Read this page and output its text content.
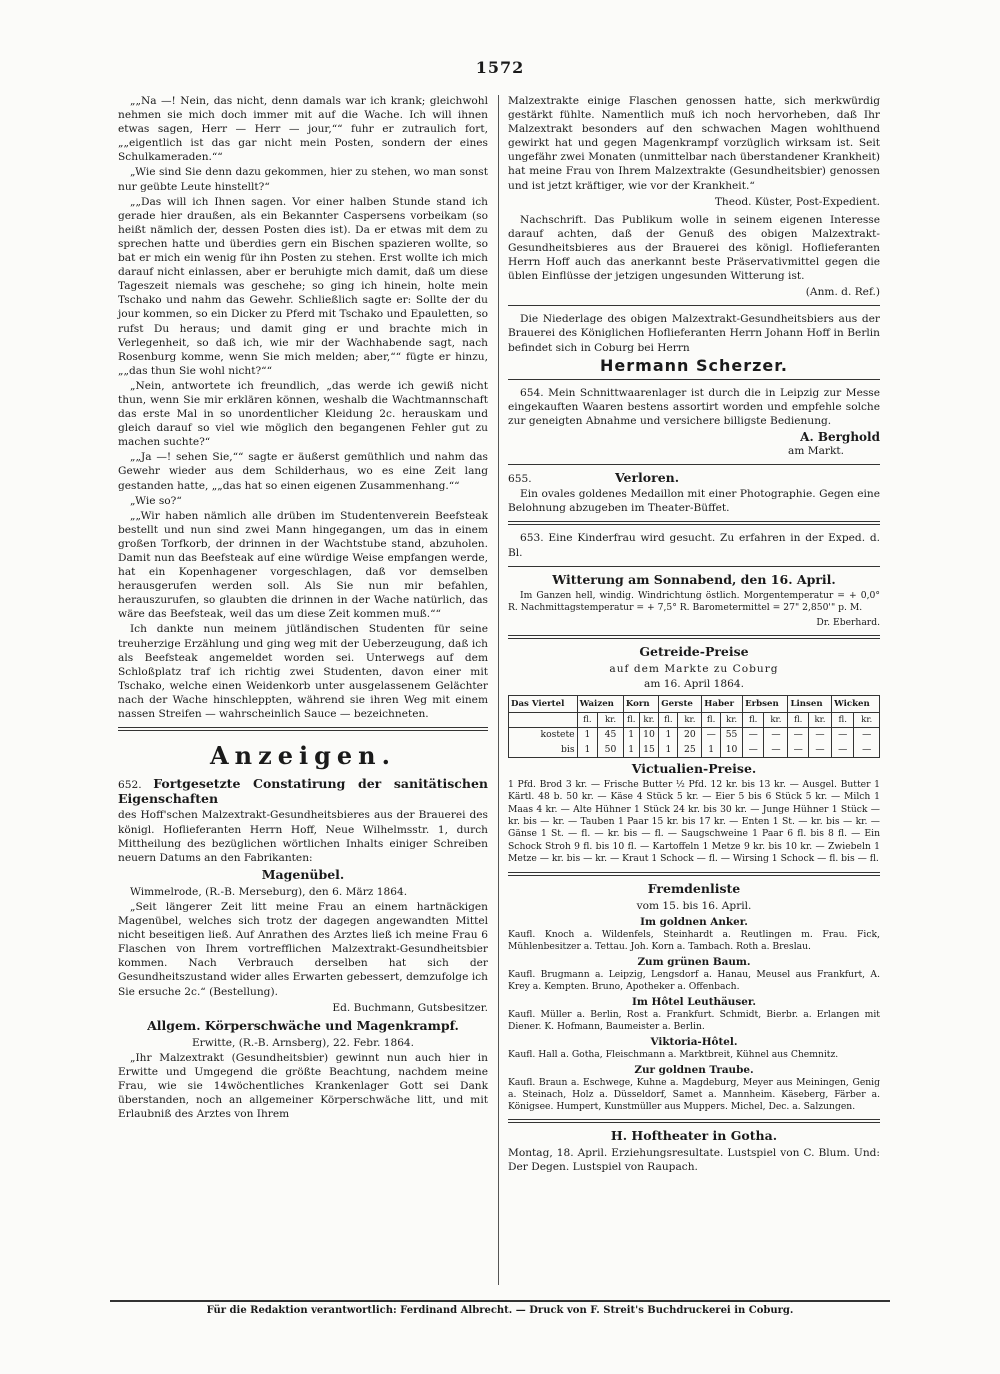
1572

„„Na —! Nein, das nicht, denn damals war ich krank; gleichwohl nehmen sie mich doch immer mit auf die Wache. Ich will ihnen etwas sagen, Herr — Herr — jour,““ fuhr er zutraulich fort, „„eigentlich ist das gar nicht mein Posten, sondern der eines Schulkameraden.““

„Wie sind Sie denn dazu gekommen, hier zu stehen, wo man sonst nur geübte Leute hinstellt?“

„„Das will ich Ihnen sagen. Vor einer halben Stunde stand ich gerade hier draußen, als ein Bekannter Caspersens vorbeikam (so heißt nämlich der, dessen Posten dies ist). Da er etwas mit dem zu sprechen hatte und überdies gern ein Bischen spazieren wollte, so bat er mich ein wenig für ihn Posten zu stehen. Erst wollte ich mich darauf nicht einlassen, aber er beruhigte mich damit, daß um diese Tageszeit niemals was geschehe; so ging ich hinein, holte mein Tschako und nahm das Gewehr. Schließlich sagte er: Sollte der du jour kommen, so ein Dicker zu Pferd mit Tschako und Epauletten, so rufst Du heraus; und damit ging er und brachte mich in Verlegenheit, so daß ich, wie mir der Wachhabende sagt, nach Rosenburg komme, wenn Sie mich melden; aber,““ fügte er hinzu, „„das thun Sie wohl nicht?““

„Nein, antwortete ich freundlich, „das werde ich gewiß nicht thun, wenn Sie mir erklären können, weshalb die Wachtmannschaft das erste Mal in so unordentlicher Kleidung 2c. herauskam und gleich darauf so viel wie möglich den begangenen Fehler gut zu machen suchte?“

„„Ja —! sehen Sie,““ sagte er äußerst gemüthlich und nahm das Gewehr wieder aus dem Schilderhaus, wo es eine Zeit lang gestanden hatte, „„das hat so einen eigenen Zusammenhang.““

„Wie so?“

„„Wir haben nämlich alle drüben im Studentenverein Beefsteak bestellt und nun sind zwei Mann hingegangen, um das in einem großen Torfkorb, der drinnen in der Wachtstube stand, abzuholen. Damit nun das Beefsteak auf eine würdige Weise empfangen werde, hat ein Kopenhagener vorgeschlagen, daß vor demselben herausgerufen werden soll. Als Sie nun mir befahlen, herauszurufen, so glaubten die drinnen in der Wache natürlich, das wäre das Beefsteak, weil das um diese Zeit kommen muß.““

Ich dankte nun meinem jütländischen Studenten für seine treuherzige Erzählung und ging weg mit der Ueberzeugung, daß ich als Beefsteak angemeldet worden sei. Unterwegs auf dem Schloßplatz traf ich richtig zwei Studenten, davon einer mit Tschako, welche einen Weidenkorb unter ausgelassenem Gelächter nach der Wache hinschleppten, während sie ihren Weg mit einem nassen Streifen — wahrscheinlich Sauce — bezeichneten.

Anzeigen.

652. Fortgesetzte Constatirung der sanitätischen Eigenschaften

des Hoff'schen Malzextrakt-Gesundheitsbieres aus der Brauerei des königl. Hoflieferanten Herrn Hoff, Neue Wilhelmsstr. 1, durch Mittheilung des bezüglichen wörtlichen Inhalts einiger Schreiben neuern Datums an den Fabrikanten:

Magenübel.

Wimmelrode, (R.-B. Merseburg), den 6. März 1864.

„Seit längerer Zeit litt meine Frau an einem hartnäckigen Magenübel, welches sich trotz der dagegen angewandten Mittel nicht beseitigen ließ. Auf Anrathen des Arztes ließ ich meine Frau 6 Flaschen von Ihrem vortrefflichen Malzextrakt-Gesundheitsbier kommen. Nach Verbrauch derselben hat sich der Gesundheitszustand wider alles Erwarten gebessert, demzufolge ich Sie ersuche 2c.“ (Bestellung).

Ed. Buchmann, Gutsbesitzer.

Allgem. Körperschwäche und Magenkrampf.

Erwitte, (R.-B. Arnsberg), 22. Febr. 1864.

„Ihr Malzextrakt (Gesundheitsbier) gewinnt nun auch hier in Erwitte und Umgegend die größte Beachtung, nachdem meine Frau, wie sie 14wöchentliches Krankenlager Gott sei Dank überstanden, noch an allgemeiner Körperschwäche litt, und mit Erlaubniß des Arztes von Ihrem

Malzextrakte einige Flaschen genossen hatte, sich merkwürdig gestärkt fühlte. Namentlich muß ich noch hervorheben, daß Ihr Malzextrakt besonders auf den schwachen Magen wohlthuend gewirkt hat und gegen Magenkrampf vorzüglich wirksam ist. Seit ungefähr zwei Monaten (unmittelbar nach überstandener Krankheit) hat meine Frau von Ihrem Malzextrakte (Gesundheitsbier) genossen und ist jetzt kräftiger, wie vor der Krankheit.“

Theod. Küster, Post-Expedient.

Nachschrift. Das Publikum wolle in seinem eigenen Interesse darauf achten, daß der Genuß des obigen Malzextrakt-Gesundheitsbieres aus der Brauerei des königl. Hoflieferanten Herrn Hoff auch das anerkannt beste Präservativmittel gegen die üblen Einflüsse der jetzigen ungesunden Witterung ist.

(Anm. d. Ref.)

Die Niederlage des obigen Malzextrakt-Gesundheitsbiers aus der Brauerei des Königlichen Hoflieferanten Herrn Johann Hoff in Berlin befindet sich in Coburg bei Herrn

Hermann Scherzer.

654. Mein Schnittwaarenlager ist durch die in Leipzig zur Messe eingekauften Waaren bestens assortirt worden und empfehle solche zur geneigten Abnahme und versichere billigste Bedienung.

A. Berghold

am Markt.

655.	Verloren.

Ein ovales goldenes Medaillon mit einer Photographie. Gegen eine Belohnung abzugeben im Theater-Büffet.

653. Eine Kinderfrau wird gesucht. Zu erfahren in der Exped. d. Bl.

Witterung am Sonnabend, den 16. April.

Im Ganzen hell, windig. Windrichtung östlich. Morgentemperatur = + 0,0° R. Nachmittagstemperatur = + 7,5° R. Barometermittel = 27" 2,850'" p. M.

Dr. Eberhard.

Getreide-Preise

auf dem Markte zu Coburg

am 16. April 1864.

Das Viertel	Waizen		Korn		Gerste		Haber		Erbsen		Linsen		Wicken	
	fl.	kr.	fl.	kr.	fl.	kr.	fl.	kr.	fl.	kr.	fl.	kr.	fl.	kr.
kostete	1	45	1	10	1	20	—	55	—	—	—	—	—	—
bis	1	50	1	15	1	25	1	10	—	—	—	—	—	—
Victualien-Preise.

1 Pfd. Brod 3 kr. — Frische Butter ½ Pfd. 12 kr. bis 13 kr. — Ausgel. Butter 1 Kärtl. 48 b. 50 kr. — Käse 4 Stück 5 kr. — Eier 5 bis 6 Stück 5 kr. — Milch 1 Maas 4 kr. — Alte Hühner 1 Stück 24 kr. bis 30 kr. — Junge Hühner 1 Stück — kr. bis — kr. — Tauben 1 Paar 15 kr. bis 17 kr. — Enten 1 St. — kr. bis — kr. — Gänse 1 St. — fl. — kr. bis — fl. — Saugschweine 1 Paar 6 fl. bis 8 fl. — Ein Schock Stroh 9 fl. bis 10 fl. — Kartoffeln 1 Metze 9 kr. bis 10 kr. — Zwiebeln 1 Metze — kr. bis — kr. — Kraut 1 Schock — fl. — Wirsing 1 Schock — fl. bis — fl.

Fremdenliste

vom 15. bis 16. April.

Im goldnen Anker.

Kaufl. Knoch a. Wildenfels, Steinhardt a. Reutlingen m. Frau. Fick, Mühlenbesitzer a. Tettau. Joh. Korn a. Tambach. Roth a. Breslau.

Zum grünen Baum.

Kaufl. Brugmann a. Leipzig, Lengsdorf a. Hanau, Meusel aus Frankfurt, A. Krey a. Kempten. Bruno, Apotheker a. Offenbach.

Im Hôtel Leuthäuser.

Kaufl. Müller a. Berlin, Rost a. Frankfurt. Schmidt, Bierbr. a. Erlangen mit Diener. K. Hofmann, Baumeister a. Berlin.

Viktoria-Hôtel.

Kaufl. Hall a. Gotha, Fleischmann a. Marktbreit, Kühnel aus Chemnitz.

Zur goldnen Traube.

Kaufl. Braun a. Eschwege, Kuhne a. Magdeburg, Meyer aus Meiningen, Genig a. Steinach, Holz a. Düsseldorf, Samet a. Mannheim. Käseberg, Färber a. Königsee. Humpert, Kunstmüller aus Muppers. Michel, Dec. a. Salzungen.

H. Hoftheater in Gotha.

Montag, 18. April. Erziehungsresultate. Lustspiel von C. Blum. Und: Der Degen. Lustspiel von Raupach.

Für die Redaktion verantwortlich: Ferdinand Albrecht. — Druck von F. Streit's Buchdruckerei in Coburg.
